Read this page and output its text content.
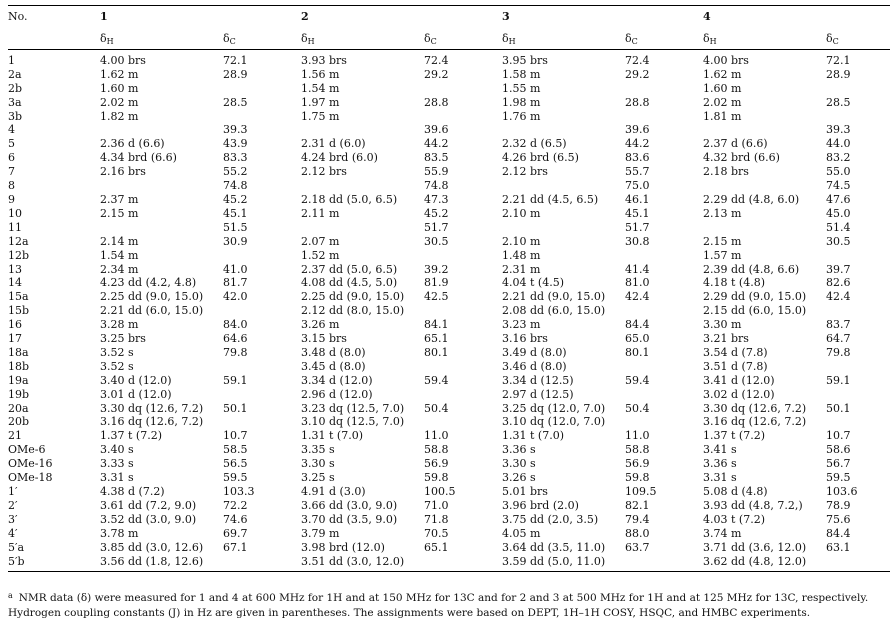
No.	1		2		3		4	
	$\delta_H$	$\delta_C$	$\delta_H$	$\delta_C$	$\delta_H$	$\delta_C$	$\delta_H$	$\delta_C$
1	4.00 brs	72.1	3.93 brs	72.4	3.95 brs	72.4	4.00 brs	72.1
2a	1.62 m	28.9	1.56 m	29.2	1.58 m	29.2	1.62 m	28.9
2b	1.60 m		1.54 m		1.55 m		1.60 m	
3a	2.02 m	28.5	1.97 m	28.8	1.98 m	28.8	2.02 m	28.5
3b	1.82 m		1.75 m		1.76 m		1.81 m	
4		39.3		39.6		39.6		39.3
5	2.36 d (6.6)	43.9	2.31 d (6.0)	44.2	2.32 d (6.5)	44.2	2.37 d (6.6)	44.0
6	4.34 brd (6.6)	83.3	4.24 brd (6.0)	83.5	4.26 brd (6.5)	83.6	4.32 brd (6.6)	83.2
7	2.16 brs	55.2	2.12 brs	55.9	2.12 brs	55.7	2.18 brs	55.0
8		74.8		74.8		75.0		74.5
9	2.37 m	45.2	2.18 dd (5.0, 6.5)	47.3	2.21 dd (4.5, 6.5)	46.1	2.29 dd (4.8, 6.0)	47.6
10	2.15 m	45.1	2.11 m	45.2	2.10 m	45.1	2.13 m	45.0
11		51.5		51.7		51.7		51.4
12a	2.14 m	30.9	2.07 m	30.5	2.10 m	30.8	2.15 m	30.5
12b	1.54 m		1.52 m		1.48 m		1.57 m	
13	2.34 m	41.0	2.37 dd (5.0, 6.5)	39.2	2.31 m	41.4	2.39 dd (4.8, 6.6)	39.7
14	4.23 dd (4.2, 4.8)	81.7	4.08 dd (4.5, 5.0)	81.9	4.04 t (4.5)	81.0	4.18 t (4.8)	82.6
15a	2.25 dd (9.0, 15.0)	42.0	2.25 dd (9.0, 15.0)	42.5	2.21 dd (9.0, 15.0)	42.4	2.29 dd (9.0, 15.0)	42.4
15b	2.21 dd (6.0, 15.0)		2.12 dd (8.0, 15.0)		2.08 dd (6.0, 15.0)		2.15 dd (6.0, 15.0)	
16	3.28 m	84.0	3.26 m	84.1	3.23 m	84.4	3.30 m	83.7
17	3.25 brs	64.6	3.15 brs	65.1	3.16 brs	65.0	3.21 brs	64.7
18a	3.52 s	79.8	3.48 d (8.0)	80.1	3.49 d (8.0)	80.1	3.54 d (7.8)	79.8
18b	3.52 s		3.45 d (8.0)		3.46 d (8.0)		3.51 d (7.8)	
19a	3.40 d (12.0)	59.1	3.34 d (12.0)	59.4	3.34 d (12.5)	59.4	3.41 d (12.0)	59.1
19b	3.01 d (12.0)		2.96 d (12.0)		2.97 d (12.5)		3.02 d (12.0)	
20a	3.30 dq (12.6, 7.2)	50.1	3.23 dq (12.5, 7.0)	50.4	3.25 dq (12.0, 7.0)	50.4	3.30 dq (12.6, 7.2)	50.1
20b	3.16 dq (12.6, 7.2)		3.10 dq (12.5, 7.0)		3.10 dq (12.0, 7.0)		3.16 dq (12.6, 7.2)	
21	1.37 t (7.2)	10.7	1.31 t (7.0)	11.0	1.31 t (7.0)	11.0	1.37 t (7.2)	10.7
OMe-6	3.40 s	58.5	3.35 s	58.8	3.36 s	58.8	3.41 s	58.6
OMe-16	3.33 s	56.5	3.30 s	56.9	3.30 s	56.9	3.36 s	56.7
OMe-18	3.31 s	59.5	3.25 s	59.8	3.26 s	59.8	3.31 s	59.5
1′	4.38 d (7.2)	103.3	4.91 d (3.0)	100.5	5.01 brs	109.5	5.08 d (4.8)	103.6
2′	3.61 dd (7.2, 9.0)	72.2	3.66 dd (3.0, 9.0)	71.0	3.96 brd (2.0)	82.1	3.93 dd (4.8, 7.2,)	78.9
3′	3.52 dd (3.0, 9.0)	74.6	3.70 dd (3.5, 9.0)	71.8	3.75 dd (2.0, 3.5)	79.4	4.03 t (7.2)	75.6
4′	3.78 m	69.7	3.79 m	70.5	4.05 m	88.0	3.74 m	84.4
5′a	3.85 dd (3.0, 12.6)	67.1	3.98 brd (12.0)	65.1	3.64 dd (3.5, 11.0)	63.7	3.71 dd (3.6, 12.0)	63.1
5′b	3.56 dd (1.8, 12.6)		3.51 dd (3.0, 12.0)		3.59 dd (5.0, 11.0)		3.62 dd (4.8, 12.0)	
$^a$ NMR data (δ) were measured for 1 and 4 at 600 MHz for 1H and at 150 MHz for 13C and for 2 and 3 at 500 MHz for 1H and at 125 MHz for 13C, respectively. Hydrogen coupling constants (J) in Hz are given in parentheses. The assignments were based on DEPT, 1H–1H COSY, HSQC, and HMBC experiments.
